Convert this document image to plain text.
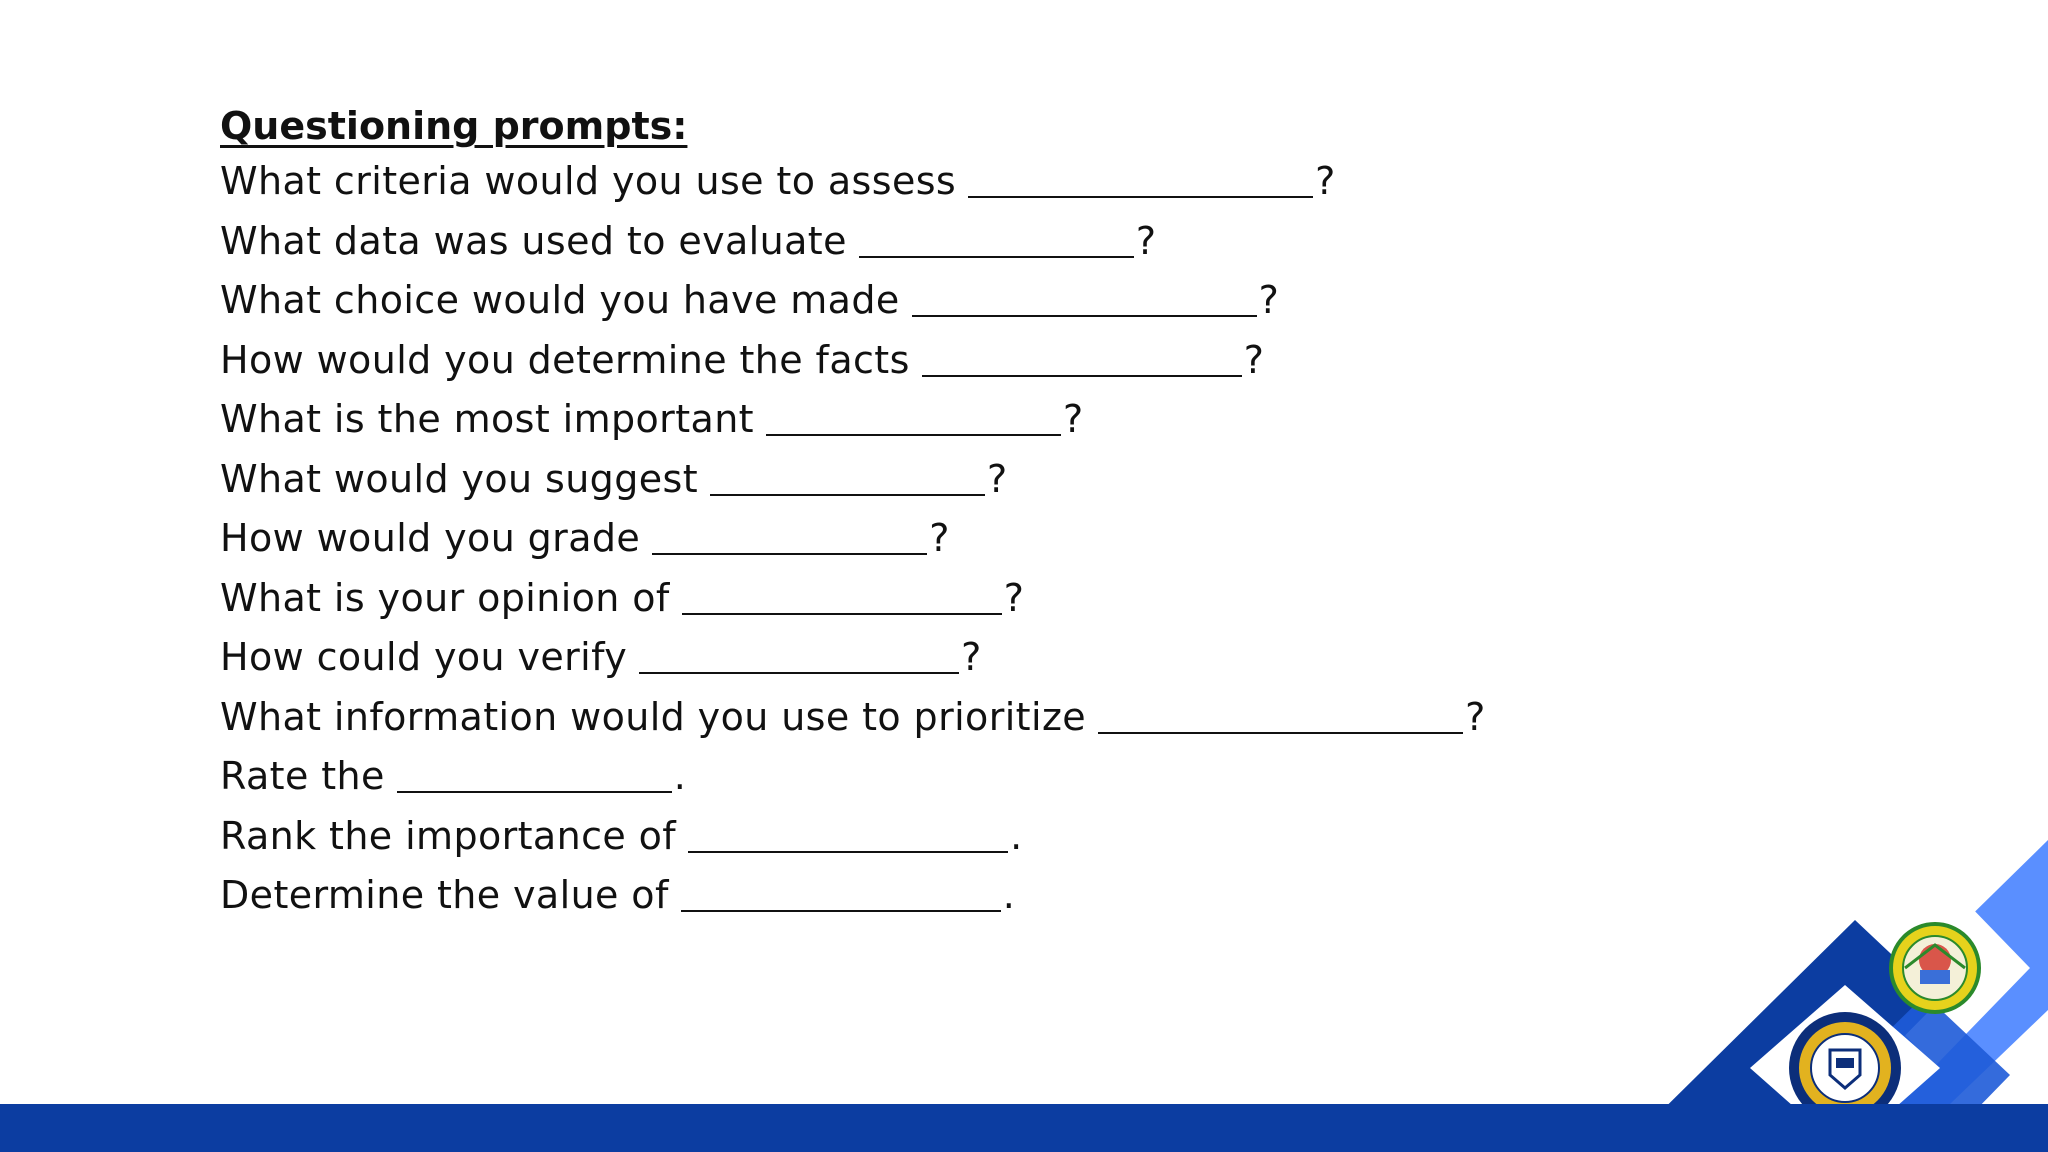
Questioning prompts:
What criteria would you use to assess	?
What data was used to evaluate	?
What choice would you have made	?
How would you determine the facts	?
What is the most important	?
What would you suggest	?
How would you grade	?
What is your opinion of	?
How could you verify	?
What information would you use to prioritize	?
Rate the	.
Rank the importance of	.
Determine the value of	.
